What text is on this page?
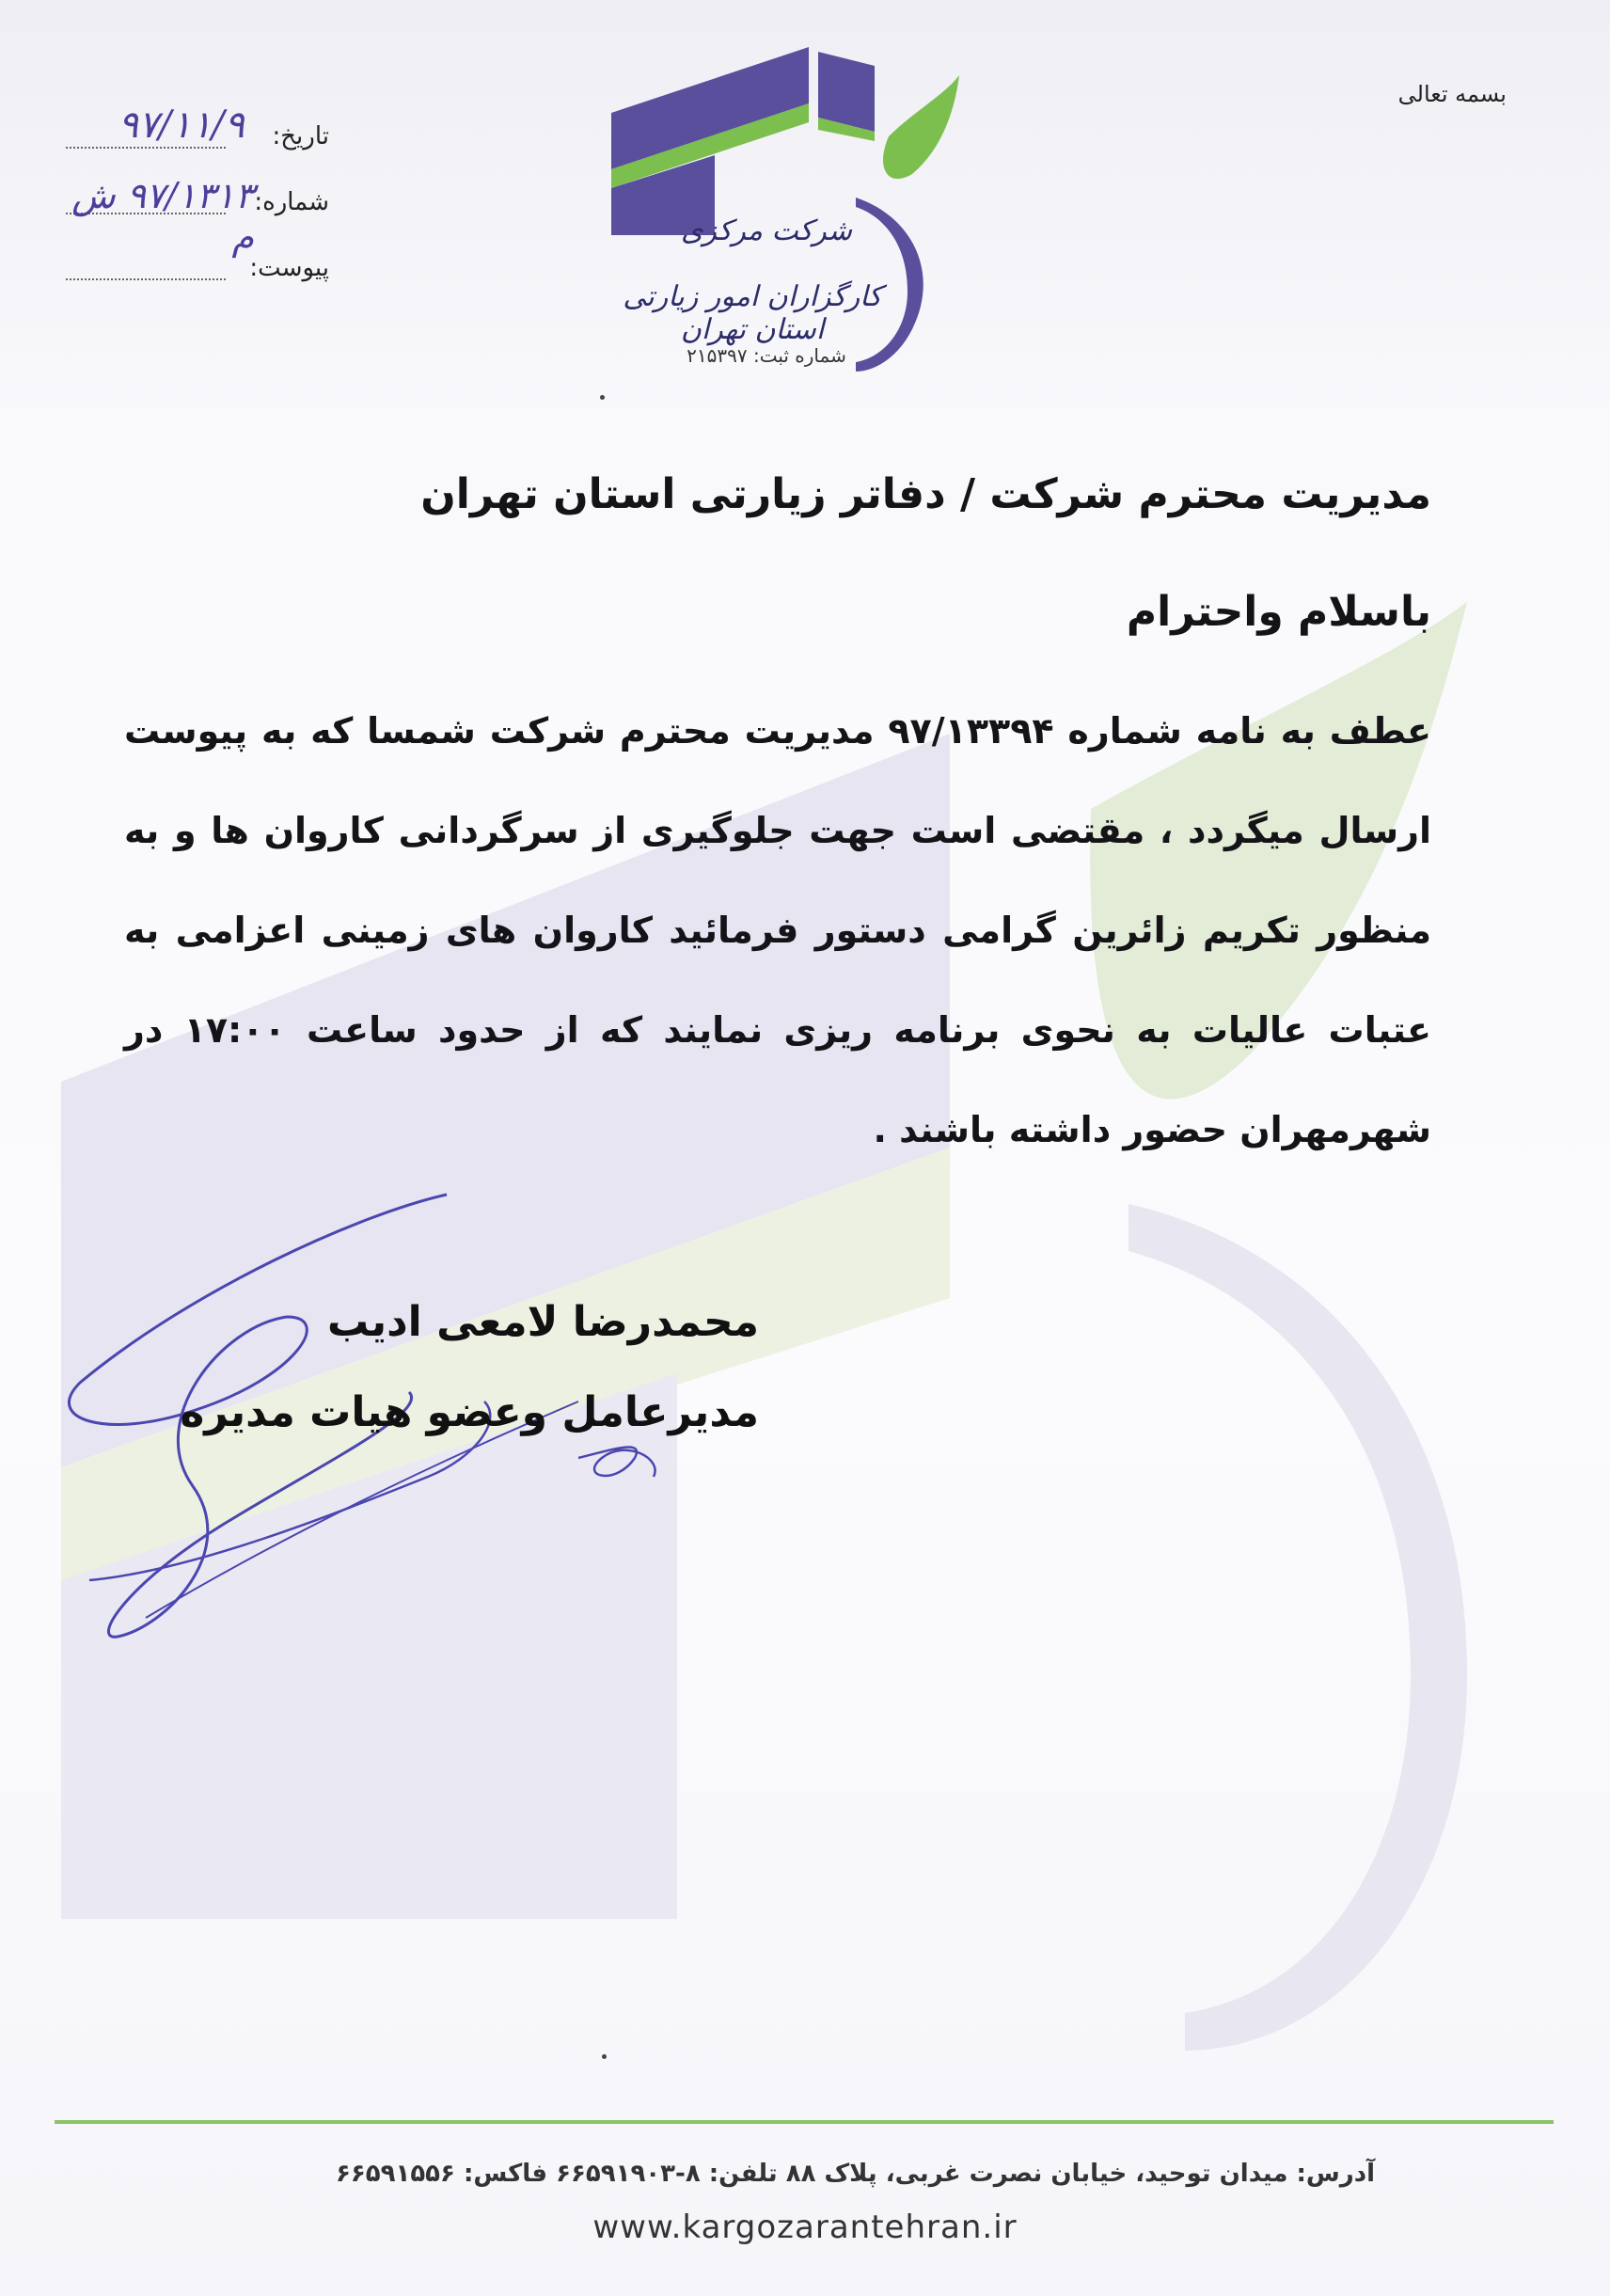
بسمه تعالی
تاریخ:
۹۷/۱۱/۹
شماره:
۹۷/۱۳۱۳ ش م
پیوست:
شرکت مرکزی
کارگزاران امور زیارتی استان تهران
شماره ثبت: ۲۱۵۳۹۷
مدیریت محترم شرکت / دفاتر زیارتی استان تهران
باسلام واحترام
عطف به نامه شماره ۹۷/۱۳۳۹۴ مدیریت محترم شرکت شمسا که به پیوست ارسال میگردد ، مقتضی است جهت جلوگیری از سرگردانی کاروان ها و به منظور تکریم زائرین گرامی دستور فرمائید کاروان های زمینی اعزامی به عتبات عالیات به نحوی برنامه ریزی نمایند که از حدود ساعت ۱۷:۰۰ در شهرمهران حضور داشته باشند .
محمدرضا لامعی ادیب
مدیرعامل وعضو هیات مدیره
آدرس: میدان توحید، خیابان نصرت غربی، پلاک ۸۸ تلفن: ۸-۶۶۵۹۱۹۰۳ فاکس: ۶۶۵۹۱۵۵۶
www.kargozarantehran.ir
